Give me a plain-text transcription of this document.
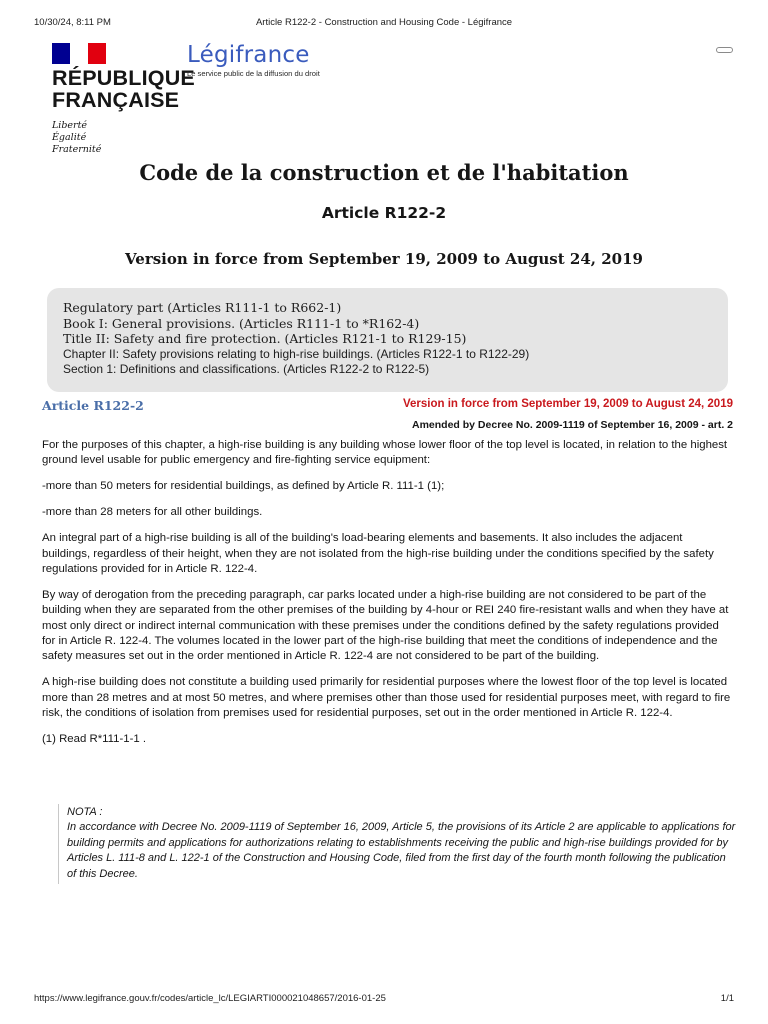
10/30/24, 8:11 PM	Article R122-2 - Construction and Housing Code - Légifrance
RÉPUBLIQUE
FRANÇAISE
Liberté
Égalité
Fraternité
Légifrance
Le service public de la diffusion du droit
Code de la construction et de l'habitation
Article R122-2
Version in force from September 19, 2009 to August 24, 2019
Regulatory part (Articles R111-1 to R662-1)
Book I: General provisions. (Articles R111-1 to *R162-4)
Title II: Safety and fire protection. (Articles R121-1 to R129-15)
Chapter II: Safety provisions relating to high-rise buildings. (Articles R122-1 to R122-29)
Section 1: Definitions and classifications. (Articles R122-2 to R122-5)
Article R122-2	Version in force from September 19, 2009 to August 24, 2019
Amended by Decree No. 2009-1119 of September 16, 2009 - art. 2

For the purposes of this chapter, a high-rise building is any building whose lower floor of the top level is located, in relation to the highest ground level usable for public emergency and fire-fighting service equipment:

-more than 50 meters for residential buildings, as defined by Article R. 111-1 (1);

-more than 28 meters for all other buildings.

An integral part of a high-rise building is all of the building's load-bearing elements and basements. It also includes the adjacent buildings, regardless of their height, when they are not isolated from the high-rise building under the conditions specified by the safety regulations provided for in Article R. 122-4.

By way of derogation from the preceding paragraph, car parks located under a high-rise building are not considered to be part of the building when they are separated from the other premises of the building by 4-hour or REI 240 fire-resistant walls and when they have at most only direct or indirect internal communication with these premises under the conditions defined by the safety regulations provided for in Article R. 122-4. The volumes located in the lower part of the high-rise building that meet the conditions of independence and the safety measures set out in the order mentioned in Article R. 122-4 are not considered to be part of the building.

A high-rise building does not constitute a building used primarily for residential purposes where the lowest floor of the top level is located more than 28 metres and at most 50 metres, and where premises other than those used for residential purposes meet, with regard to fire risk, the conditions of isolation from premises used for residential purposes, set out in the order mentioned in Article R. 122-4.

(1) Read R*111-1-1 .

NOTA :
In accordance with Decree No. 2009-1119 of September 16, 2009, Article 5, the provisions of its Article 2 are applicable to applications for building permits and applications for authorizations relating to establishments receiving the public and high-rise buildings provided for by Articles L. 111-8 and L. 122-1 of the Construction and Housing Code, filed from the first day of the fourth month following the publication of this Decree.
https://www.legifrance.gouv.fr/codes/article_lc/LEGIARTI000021048657/2016-01-25	1/1
